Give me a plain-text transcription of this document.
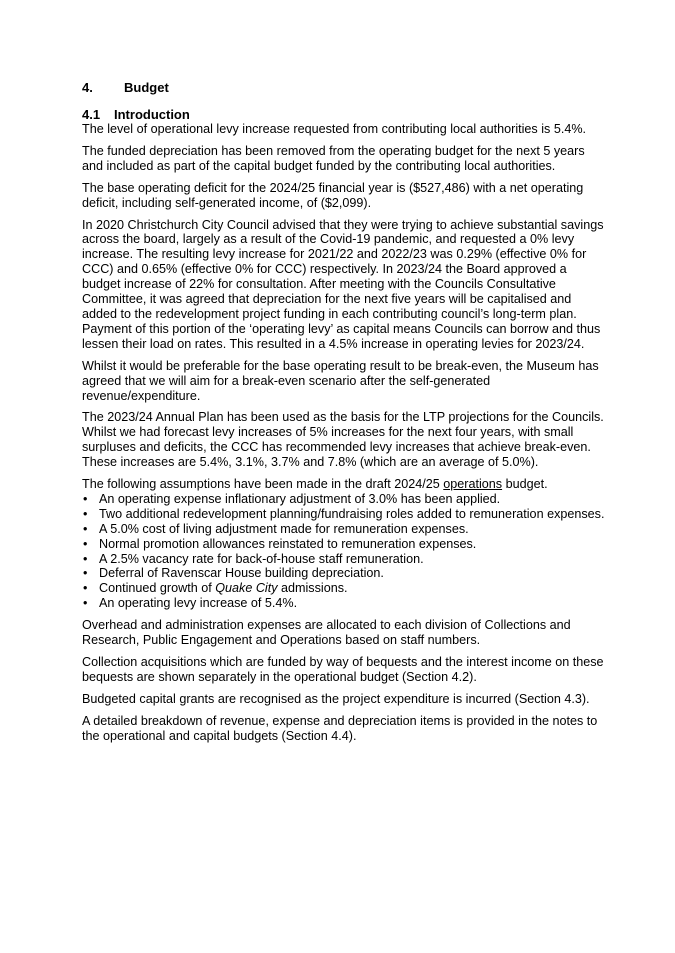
4.	Budget
4.1	Introduction

The level of operational levy increase requested from contributing local authorities is 5.4%.

The funded depreciation has been removed from the operating budget for the next 5 years and included as part of the capital budget funded by the contributing local authorities.

The base operating deficit for the 2024/25 financial year is ($527,486) with a net operating deficit, including self-generated income, of ($2,099).

In 2020 Christchurch City Council advised that they were trying to achieve substantial savings across the board, largely as a result of the Covid-19 pandemic, and requested a 0% levy increase. The resulting levy increase for 2021/22 and 2022/23 was 0.29% (effective 0% for CCC) and 0.65% (effective 0% for CCC) respectively. In 2023/24 the Board approved a budget increase of 22% for consultation. After meeting with the Councils Consultative Committee, it was agreed that depreciation for the next five years will be capitalised and added to the redevelopment project funding in each contributing council’s long-term plan. Payment of this portion of the ‘operating levy’ as capital means Councils can borrow and thus lessen their load on rates. This resulted in a 4.5% increase in operating levies for 2023/24.

Whilst it would be preferable for the base operating result to be break-even, the Museum has agreed that we will aim for a break-even scenario after the self-generated revenue/expenditure.

The 2023/24 Annual Plan has been used as the basis for the LTP projections for the Councils. Whilst we had forecast levy increases of 5% increases for the next four years, with small surpluses and deficits, the CCC has recommended levy increases that achieve break-even. These increases are 5.4%, 3.1%, 3.7% and 7.8% (which are an average of 5.0%).

The following assumptions have been made in the draft 2024/25 operations budget.

• An operating expense inflationary adjustment of 3.0% has been applied.
• Two additional redevelopment planning/fundraising roles added to remuneration expenses.
• A 5.0% cost of living adjustment made for remuneration expenses.
• Normal promotion allowances reinstated to remuneration expenses.
• A 2.5% vacancy rate for back-of-house staff remuneration.
• Deferral of Ravenscar House building depreciation.
• Continued growth of Quake City admissions.
• An operating levy increase of 5.4%.

Overhead and administration expenses are allocated to each division of Collections and Research, Public Engagement and Operations based on staff numbers.

Collection acquisitions which are funded by way of bequests and the interest income on these bequests are shown separately in the operational budget (Section 4.2).

Budgeted capital grants are recognised as the project expenditure is incurred (Section 4.3).

A detailed breakdown of revenue, expense and depreciation items is provided in the notes to the operational and capital budgets (Section 4.4).
